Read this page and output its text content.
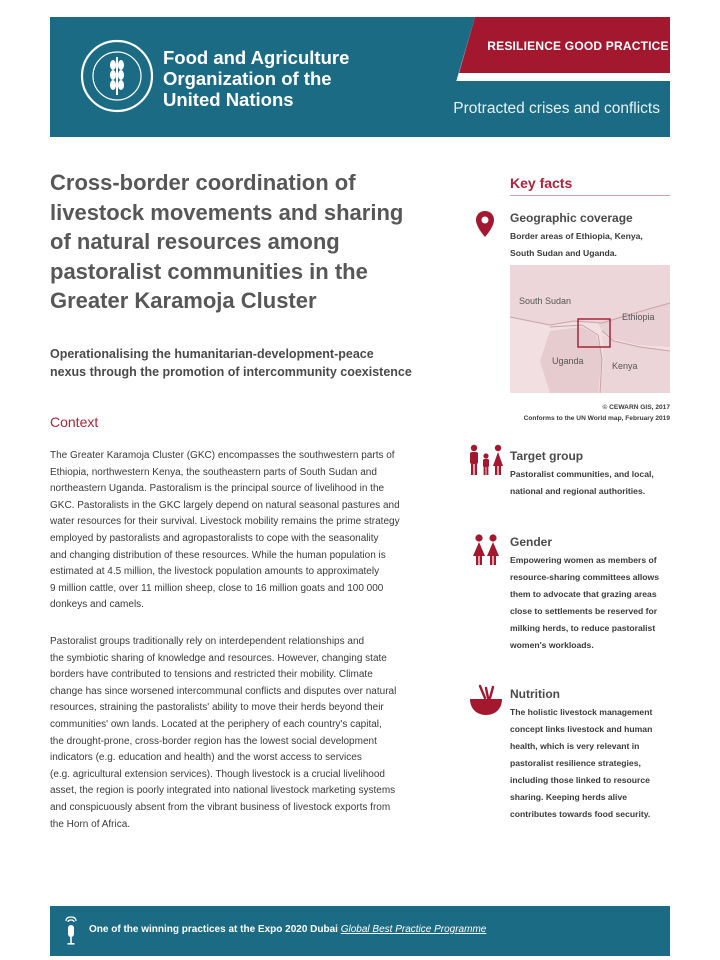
Food and Agriculture
Organization of the
United Nations
RESILIENCE GOOD PRACTICE
Protracted crises and conflicts
Cross-border coordination of
livestock movements and sharing
of natural resources among
pastoralist communities in the
Greater Karamoja Cluster
Operationalising the humanitarian-development-peace
nexus through the promotion of intercommunity coexistence
Context
The Greater Karamoja Cluster (GKC) encompasses the southwestern parts of
Ethiopia, northwestern Kenya, the southeastern parts of South Sudan and
northeastern Uganda. Pastoralism is the principal source of livelihood in the
GKC. Pastoralists in the GKC largely depend on natural seasonal pastures and
water resources for their survival. Livestock mobility remains the prime strategy
employed by pastoralists and agropastoralists to cope with the seasonality
and changing distribution of these resources. While the human population is
estimated at 4.5 million, the livestock population amounts to approximately
9 million cattle, over 11 million sheep, close to 16 million goats and 100 000
donkeys and camels.
Pastoralist groups traditionally rely on interdependent relationships and
the symbiotic sharing of knowledge and resources. However, changing state
borders have contributed to tensions and restricted their mobility. Climate
change has since worsened intercommunal conflicts and disputes over natural
resources, straining the pastoralists' ability to move their herds beyond their
communities' own lands. Located at the periphery of each country's capital,
the drought-prone, cross-border region has the lowest social development
indicators (e.g. education and health) and the worst access to services
(e.g. agricultural extension services). Though livestock is a crucial livelihood
asset, the region is poorly integrated into national livestock marketing systems
and conspicuously absent from the vibrant business of livestock exports from
the Horn of Africa.
Key facts
Geographic coverage
Border areas of Ethiopia, Kenya,
South Sudan and Uganda.
South Sudan
Ethiopia
Uganda	Kenya
© CEWARN GIS, 2017
Conforms to the UN World map, February 2019
Target group
Pastoralist communities, and local,
national and regional authorities.
Gender
Empowering women as members of
resource-sharing committees allows
them to advocate that grazing areas
close to settlements be reserved for
milking herds, to reduce pastoralist
women's workloads.
Nutrition
The holistic livestock management
concept links livestock and human
health, which is very relevant in
pastoralist resilience strategies,
including those linked to resource
sharing. Keeping herds alive
contributes towards food security.
One of the winning practices at the Expo 2020 Dubai Global Best Practice Programme
